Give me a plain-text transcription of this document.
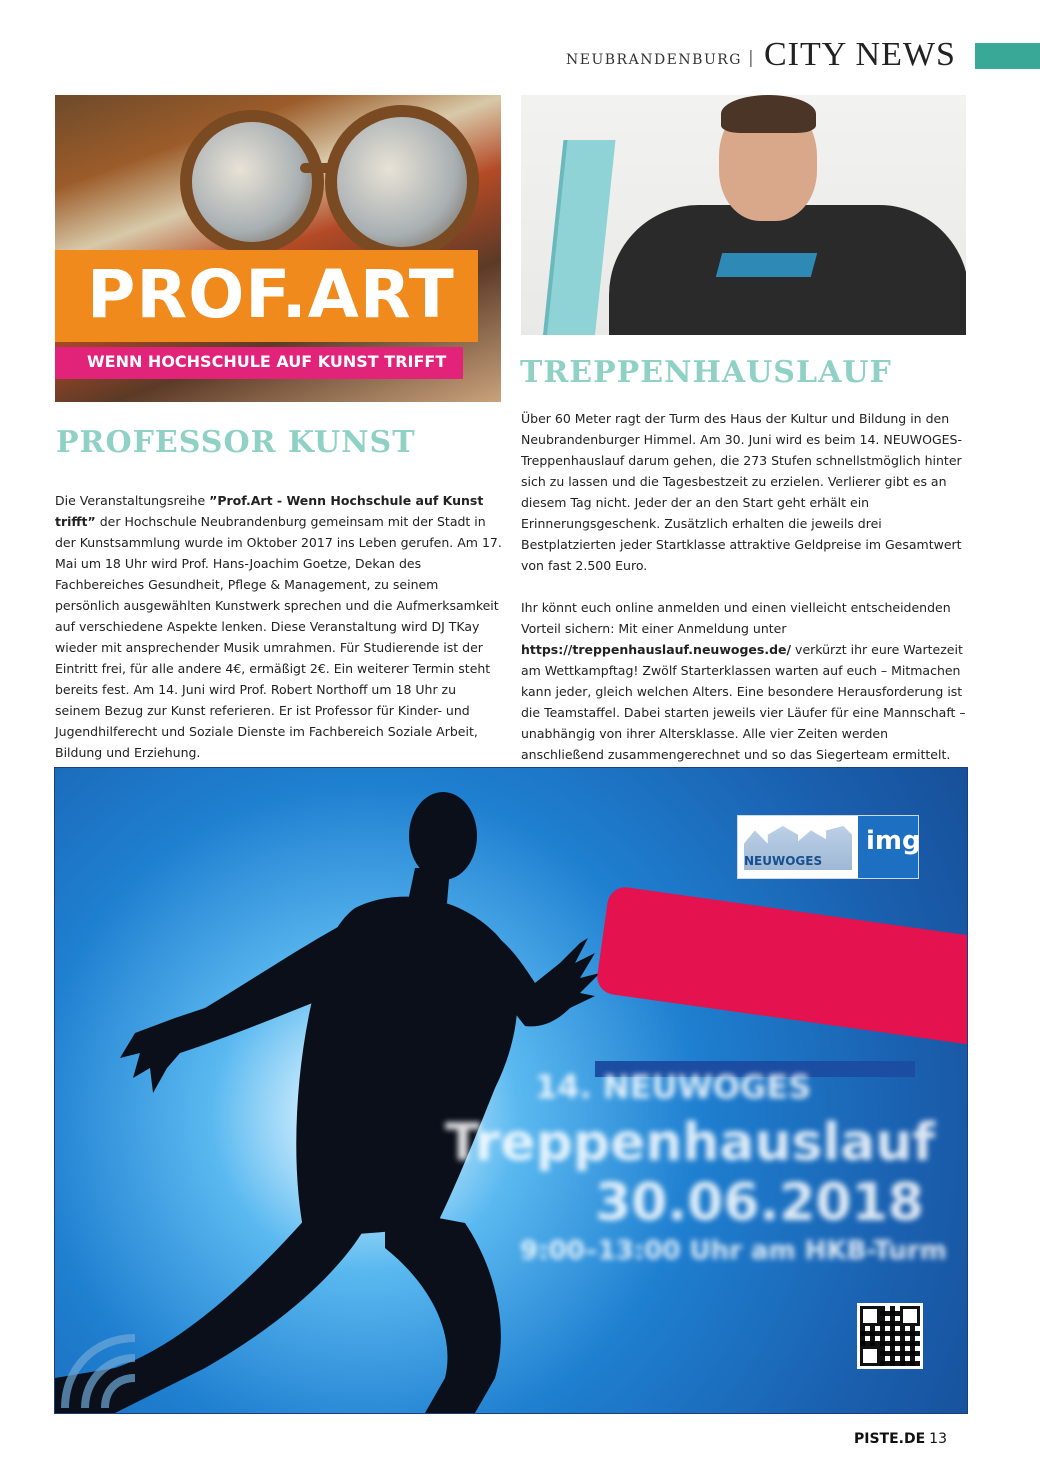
NEUBRANDENBURG | CITY NEWS
PROF.ART
WENN HOCHSCHULE AUF KUNST TRIFFT TREPPENHAUSLAUF
PROFESSOR KUNST

Die Veranstaltungsreihe ”Prof.Art - Wenn Hochschule auf Kunst trifft” der Hochschule Neubrandenburg gemeinsam mit der Stadt in der Kunstsammlung wurde im Oktober 2017 ins Leben gerufen. Am 17. Mai um 18 Uhr wird Prof. Hans-Joachim Goetze, Dekan des Fachbereiches Gesundheit, Pflege & Management, zu seinem persönlich ausgewählten Kunstwerk sprechen und die Aufmerksamkeit auf verschiedene Aspekte lenken. Diese Veranstaltung wird DJ TKay wieder mit ansprechender Musik umrahmen. Für Studierende ist der Eintritt frei, für alle andere 4€, ermäßigt 2€. Ein weiterer Termin steht bereits fest. Am 14. Juni wird Prof. Robert Northoff um 18 Uhr zu seinem Bezug zur Kunst referieren. Er ist Professor für Kinder- und Jugendhilferecht und Soziale Dienste im Fachbereich Soziale Arbeit, Bildung und Erziehung.

Über 60 Meter ragt der Turm des Haus der Kultur und Bildung in den Neubrandenburger Himmel. Am 30. Juni wird es beim 14. NEUWOGES-Treppenhauslauf darum gehen, die 273 Stufen schnellstmöglich hinter sich zu lassen und die Tagesbestzeit zu erzielen. Verlierer gibt es an diesem Tag nicht. Jeder der an den Start geht erhält ein Erinnerungsgeschenk. Zusätzlich erhalten die jeweils drei Bestplatzierten jeder Startklasse attraktive Geldpreise im Gesamtwert von fast 2.500 Euro.

Ihr könnt euch online anmelden und einen vielleicht entscheidenden Vorteil sichern: Mit einer Anmeldung unter https://treppenhauslauf.neuwoges.de/ verkürzt ihr eure Wartezeit am Wettkampftag! Zwölf Starterklassen warten auf euch – Mitmachen kann jeder, gleich welchen Alters. Eine besondere Herausforderung ist die Teamstaffel. Dabei starten jeweils vier Läufer für eine Mannschaft – unabhängig von ihrer Altersklasse. Alle vier Zeiten werden anschließend zusammengerechnet und so das Siegerteam ermittelt.

NEUWOGES
img
14. NEUWOGES
Treppenhauslauf
30.06.2018
9:00–13:00 Uhr am HKB-Turm
PISTE.DE 13
